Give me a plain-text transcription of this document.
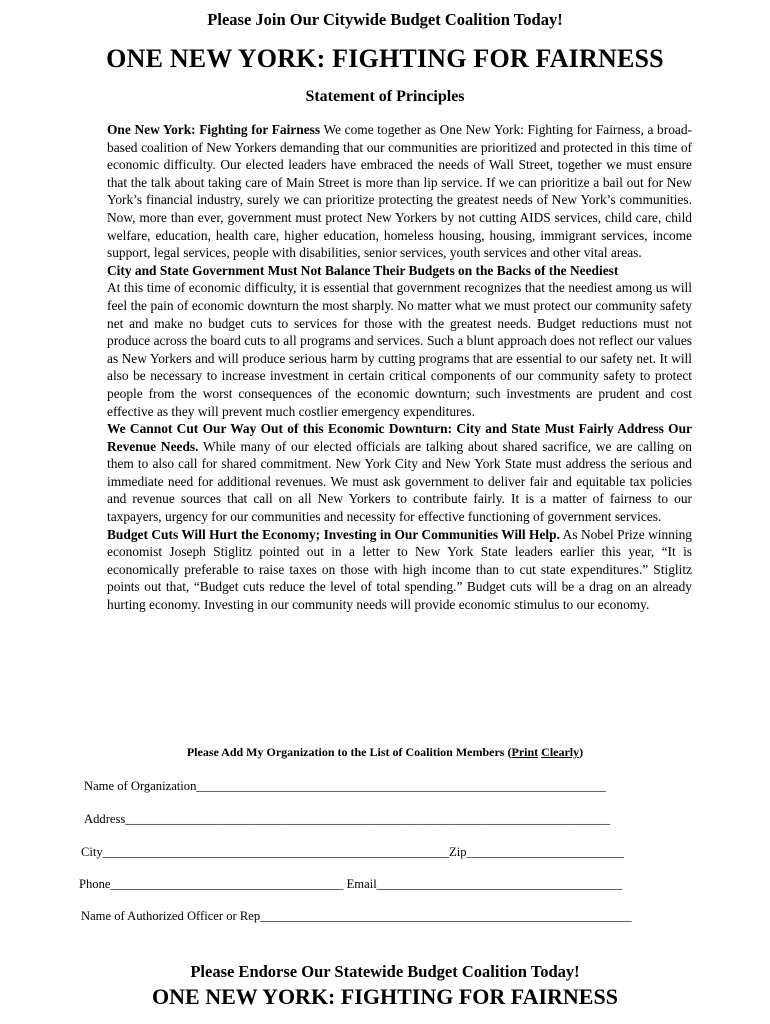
Please Join Our Citywide Budget Coalition Today!
ONE NEW YORK: FIGHTING FOR FAIRNESS
Statement of Principles

One New York: Fighting for Fairness We come together as One New York: Fighting for Fairness, a broad-based coalition of New Yorkers demanding that our communities are prioritized and protected in this time of economic difficulty. Our elected leaders have embraced the needs of Wall Street, together we must ensure that the talk about taking care of Main Street is more than lip service. If we can prioritize a bail out for New York’s financial industry, surely we can prioritize protecting the greatest needs of New York’s communities. Now, more than ever, government must protect New Yorkers by not cutting AIDS services, child care, child welfare, education, health care, higher education, homeless housing, housing, immigrant services, income support, legal services, people with disabilities, senior services, youth services and other vital areas.

City and State Government Must Not Balance Their Budgets on the Backs of the Neediest

At this time of economic difficulty, it is essential that government recognizes that the neediest among us will feel the pain of economic downturn the most sharply. No matter what we must protect our community safety net and make no budget cuts to services for those with the greatest needs. Budget reductions must not produce across the board cuts to all programs and services. Such a blunt approach does not reflect our values as New Yorkers and will produce serious harm by cutting programs that are essential to our safety net. It will also be necessary to increase investment in certain critical components of our community safety to protect people from the worst consequences of the economic downturn; such investments are prudent and cost effective as they will prevent much costlier emergency expenditures.

We Cannot Cut Our Way Out of this Economic Downturn: City and State Must Fairly Address Our Revenue Needs. While many of our elected officials are talking about shared sacrifice, we are calling on them to also call for shared commitment. New York City and New York State must address the serious and immediate need for additional revenues. We must ask government to deliver fair and equitable tax policies and revenue sources that call on all New Yorkers to contribute fairly. It is a matter of fairness to our taxpayers, urgency for our communities and necessity for effective functioning of government services.

Budget Cuts Will Hurt the Economy; Investing in Our Communities Will Help. As Nobel Prize winning economist Joseph Stiglitz pointed out in a letter to New York State leaders earlier this year, “It is economically preferable to raise taxes on those with high income than to cut state expenditures.” Stiglitz points out that, “Budget cuts reduce the level of total spending.” Budget cuts will be a drag on an already hurting economy. Investing in our community needs will provide economic stimulus to our economy.

Please Add My Organization to the List of Coalition Members (Print Clearly)
Name of Organization_________________________________________________________________
Address_____________________________________________________________________________
City_______________________________________________________Zip_________________________
Phone_____________________________________ Email_______________________________________
Name of Authorized Officer or Rep___________________________________________________________
Please Endorse Our Statewide Budget Coalition Today!
ONE NEW YORK: FIGHTING FOR FAIRNESS
